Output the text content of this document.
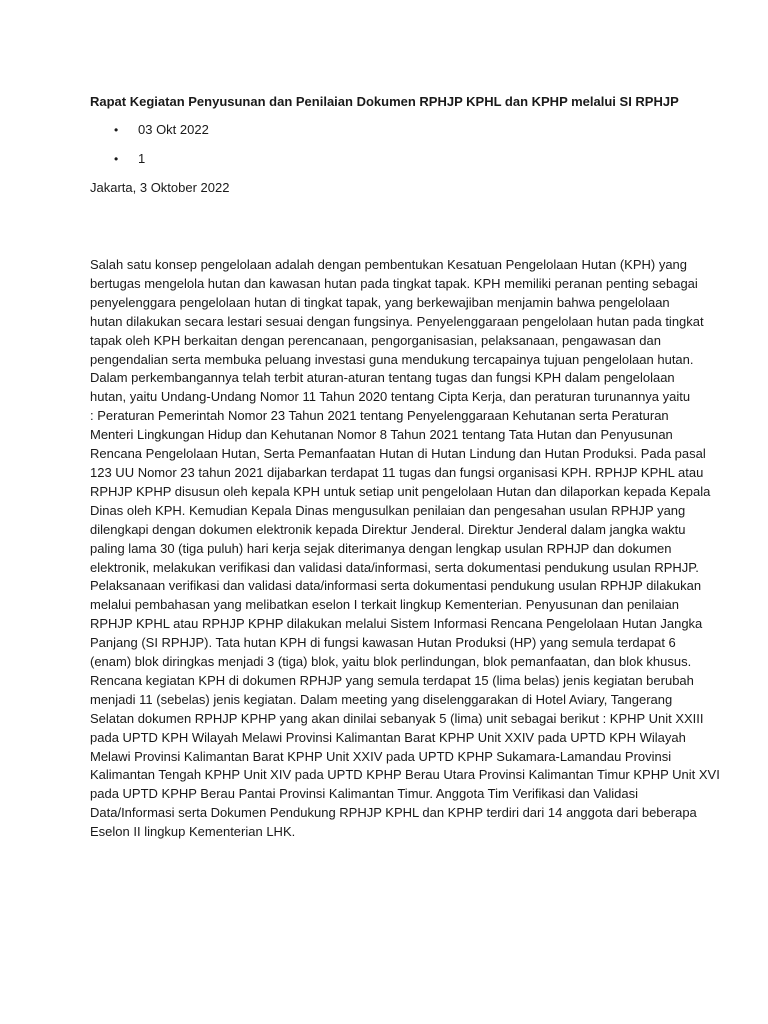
Rapat Kegiatan Penyusunan dan Penilaian Dokumen RPHJP KPHL dan KPHP melalui SI RPHJP
• 03 Okt 2022
• 1
Jakarta, 3 Oktober 2022

Salah satu konsep pengelolaan adalah dengan pembentukan Kesatuan Pengelolaan Hutan (KPH) yang
bertugas mengelola hutan dan kawasan hutan pada tingkat tapak. KPH memiliki peranan penting sebagai
penyelenggara pengelolaan hutan di tingkat tapak, yang berkewajiban menjamin bahwa pengelolaan
hutan dilakukan secara lestari sesuai dengan fungsinya. Penyelenggaraan pengelolaan hutan pada tingkat
tapak oleh KPH berkaitan dengan perencanaan, pengorganisasian, pelaksanaan, pengawasan dan
pengendalian serta membuka peluang investasi guna mendukung tercapainya tujuan pengelolaan hutan.
Dalam perkembangannya telah terbit aturan-aturan tentang tugas dan fungsi KPH dalam pengelolaan
hutan, yaitu Undang-Undang Nomor 11 Tahun 2020 tentang Cipta Kerja, dan peraturan turunannya yaitu
: Peraturan Pemerintah Nomor 23 Tahun 2021 tentang Penyelenggaraan Kehutanan serta Peraturan
Menteri Lingkungan Hidup dan Kehutanan Nomor 8 Tahun 2021 tentang Tata Hutan dan Penyusunan
Rencana Pengelolaan Hutan, Serta Pemanfaatan Hutan di Hutan Lindung dan Hutan Produksi. Pada pasal
123 UU Nomor 23 tahun 2021 dijabarkan terdapat 11 tugas dan fungsi organisasi KPH. RPHJP KPHL atau
RPHJP KPHP disusun oleh kepala KPH untuk setiap unit pengelolaan Hutan dan dilaporkan kepada Kepala
Dinas oleh KPH. Kemudian Kepala Dinas mengusulkan penilaian dan pengesahan usulan RPHJP yang
dilengkapi dengan dokumen elektronik kepada Direktur Jenderal. Direktur Jenderal dalam jangka waktu
paling lama 30 (tiga puluh) hari kerja sejak diterimanya dengan lengkap usulan RPHJP dan dokumen
elektronik, melakukan verifikasi dan validasi data/informasi, serta dokumentasi pendukung usulan RPHJP.
Pelaksanaan verifikasi dan validasi data/informasi serta dokumentasi pendukung usulan RPHJP dilakukan
melalui pembahasan yang melibatkan eselon I terkait lingkup Kementerian. Penyusunan dan penilaian
RPHJP KPHL atau RPHJP KPHP dilakukan melalui Sistem Informasi Rencana Pengelolaan Hutan Jangka
Panjang (SI RPHJP). Tata hutan KPH di fungsi kawasan Hutan Produksi (HP) yang semula terdapat 6
(enam) blok diringkas menjadi 3 (tiga) blok, yaitu blok perlindungan, blok pemanfaatan, dan blok khusus.
Rencana kegiatan KPH di dokumen RPHJP yang semula terdapat 15 (lima belas) jenis kegiatan berubah
menjadi 11 (sebelas) jenis kegiatan. Dalam meeting yang diselenggarakan di Hotel Aviary, Tangerang
Selatan dokumen RPHJP KPHP yang akan dinilai sebanyak 5 (lima) unit sebagai berikut : KPHP Unit XXIII
pada UPTD KPH Wilayah Melawi Provinsi Kalimantan Barat KPHP Unit XXIV pada UPTD KPH Wilayah
Melawi Provinsi Kalimantan Barat KPHP Unit XXIV pada UPTD KPHP Sukamara-Lamandau Provinsi
Kalimantan Tengah KPHP Unit XIV pada UPTD KPHP Berau Utara Provinsi Kalimantan Timur KPHP Unit XVI
pada UPTD KPHP Berau Pantai Provinsi Kalimantan Timur. Anggota Tim Verifikasi dan Validasi
Data/Informasi serta Dokumen Pendukung RPHJP KPHL dan KPHP terdiri dari 14 anggota dari beberapa
Eselon II lingkup Kementerian LHK.
